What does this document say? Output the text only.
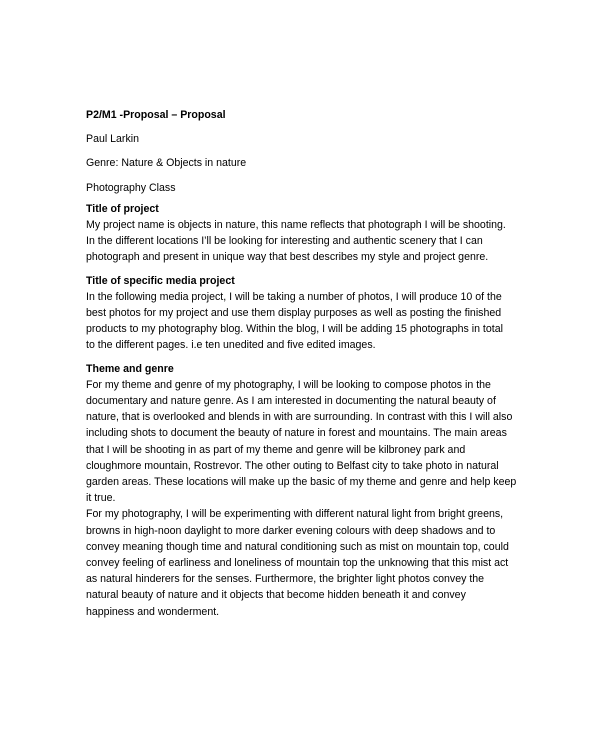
P2/M1 -Proposal – Proposal
Paul Larkin
Genre: Nature & Objects in nature
Photography Class
Title of project
My project name is objects in nature, this name reflects that photograph I will be shooting.
In the different locations I’ll be looking for interesting and authentic scenery that I can
photograph and present in unique way that best describes my style and project genre.
Title of specific media project
In the following media project, I will be taking a number of photos, I will produce 10 of the
best photos for my project and use them display purposes as well as posting the finished
products to my photography blog. Within the blog, I will be adding 15 photographs in total
to the different pages. i.e ten unedited and five edited images.
Theme and genre
For my theme and genre of my photography, I will be looking to compose photos in the
documentary and nature genre. As I am interested in documenting the natural beauty of
nature, that is overlooked and blends in with are surrounding. In contrast with this I will also
including shots to document the beauty of nature in forest and mountains. The main areas
that I will be shooting in as part of my theme and genre will be kilbroney park and
cloughmore mountain, Rostrevor. The other outing to Belfast city to take photo in natural
garden areas. These locations will make up the basic of my theme and genre and help keep
it true.
For my photography, I will be experimenting with different natural light from bright greens,
browns in high-noon daylight to more darker evening colours with deep shadows and to
convey meaning though time and natural conditioning such as mist on mountain top, could
convey feeling of earliness and loneliness of mountain top the unknowing that this mist act
as natural hinderers for the senses. Furthermore, the brighter light photos convey the
natural beauty of nature and it objects that become hidden beneath it and convey
happiness and wonderment.
